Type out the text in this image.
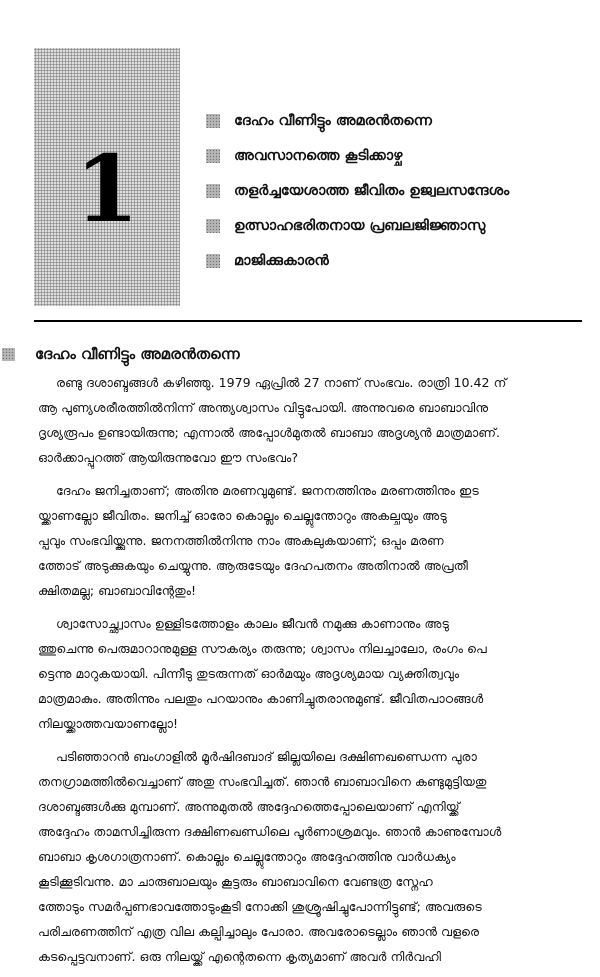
1
ദേഹം വീണിട്ടും അമരൻതന്നെ
അവസാനത്തെ കൂടിക്കാഴ്ച
തളർച്ചയേശാത്ത ജീവിതം ഉജ്വലസന്ദേശം
ഉത്സാഹഭരിതനായ പ്രബലജിജ്ഞാസു
മാജിക്കുകാരൻ
ദേഹം വീണിട്ടും അമരൻതന്നെ

രണ്ടു ദശാബ്ദങ്ങൾ കഴിഞ്ഞു. 1979 ഏപ്രിൽ 27 നാണ് സംഭവം. രാത്രി 10.42 ന്
ആ പുണ്യശരീരത്തിൽനിന്ന് അന്ത്യശ്വാസം വിട്ടുപോയി. അന്നുവരെ ബാബാവിനു
ദൃശ്യരൂപം ഉണ്ടായിരുന്നു; എന്നാൽ അപ്പോൾമുതൽ ബാബാ അദൃശ്യൻ മാത്രമാണ്.
ഓർക്കാപ്പുറത്ത് ആയിരുന്നുവോ ഈ സംഭവം?

ദേഹം ജനിച്ചതാണ്; അതിനു മരണവുമുണ്ട്. ജനനത്തിനും മരണത്തിനും ഇട
യ്ക്കാണല്ലോ ജീവിതം. ജനിച്ച് ഓരോ കൊല്ലം ചെല്ലുന്തോറും അകല്ചയും അടു
പ്പവും സംഭവിയ്ക്കുന്നു. ജനനത്തിൽനിന്നു നാം അകലുകയാണ്; ഒപ്പം മരണ
ത്തോട് അടുക്കുകയും ചെയ്യുന്നു. ആരുടേയും ദേഹപതനം അതിനാൽ അപ്രതീ
ക്ഷിതമല്ല; ബാബാവിന്റേതും!

ശ്വാസോച്ഛ്വാസം ഉള്ളിടത്തോളം കാലം ജീവൻ നമുക്കു കാണാനും അടു
ത്തുചെന്നു പെരുമാറാനുമുള്ള സൗകര്യം തരുന്നു; ശ്വാസം നിലച്ചാലോ, രംഗം പെ
ട്ടെന്നു മാറുകയായി. പിന്നീടു തുടരുന്നത് ഓർമയും അദൃശ്യമായ വ്യക്തിത്വവും
മാത്രമാകും. അതിന്നും പലതും പറയാനും കാണിച്ചുതരാനുമുണ്ട്. ജീവിതപാഠങ്ങൾ
നിലയ്ക്കാത്തവയാണല്ലോ!

പടിഞ്ഞാറൻ ബംഗാളിൽ മൂർഷിദബാദ് ജില്ലയിലെ ദക്ഷിണഖണ്ഡെന്ന പുരാ
തനഗ്രാമത്തിൽവെച്ചാണ് അതു സംഭവിച്ചത്. ഞാൻ ബാബാവിനെ കണ്ടുമുട്ടിയതു
ദശാബ്ദങ്ങൾക്കു മുമ്പാണ്. അന്നുമുതൽ അദ്ദേഹത്തെപ്പോലെയാണ് എനിയ്ക്ക്
അദ്ദേഹം താമസിച്ചിരുന്ന ദക്ഷിണഖണ്ഡിലെ പൂർണാശ്രമവും. ഞാൻ കാണുമ്പോൾ
ബാബാ കൃശഗാത്രനാണ്. കൊല്ലം ചെല്ലുന്തോറും അദ്ദേഹത്തിനു വാർധക്യം
കൂടിക്കൂടിവന്നു. മാ ചാരുബാലയും കൂട്ടരും ബാബാവിനെ വേണ്ടത്ര സ്നേഹ
ത്തോടും സമർപ്പണഭാവത്തോടുംകൂടി നോക്കി ശുശ്രൂഷിച്ചുപോന്നിട്ടുണ്ട്; അവരുടെ
പരിചരണത്തിന് എത്ര വില കല്പിച്ചാലും പോരാ. അവരോടെല്ലാം ഞാൻ വളരെ
കടപ്പെട്ടവനാണ്. ഒരു നിലയ്ക്ക് എന്റെതന്നെ കൃത്യമാണ് അവർ നിർവഹി
